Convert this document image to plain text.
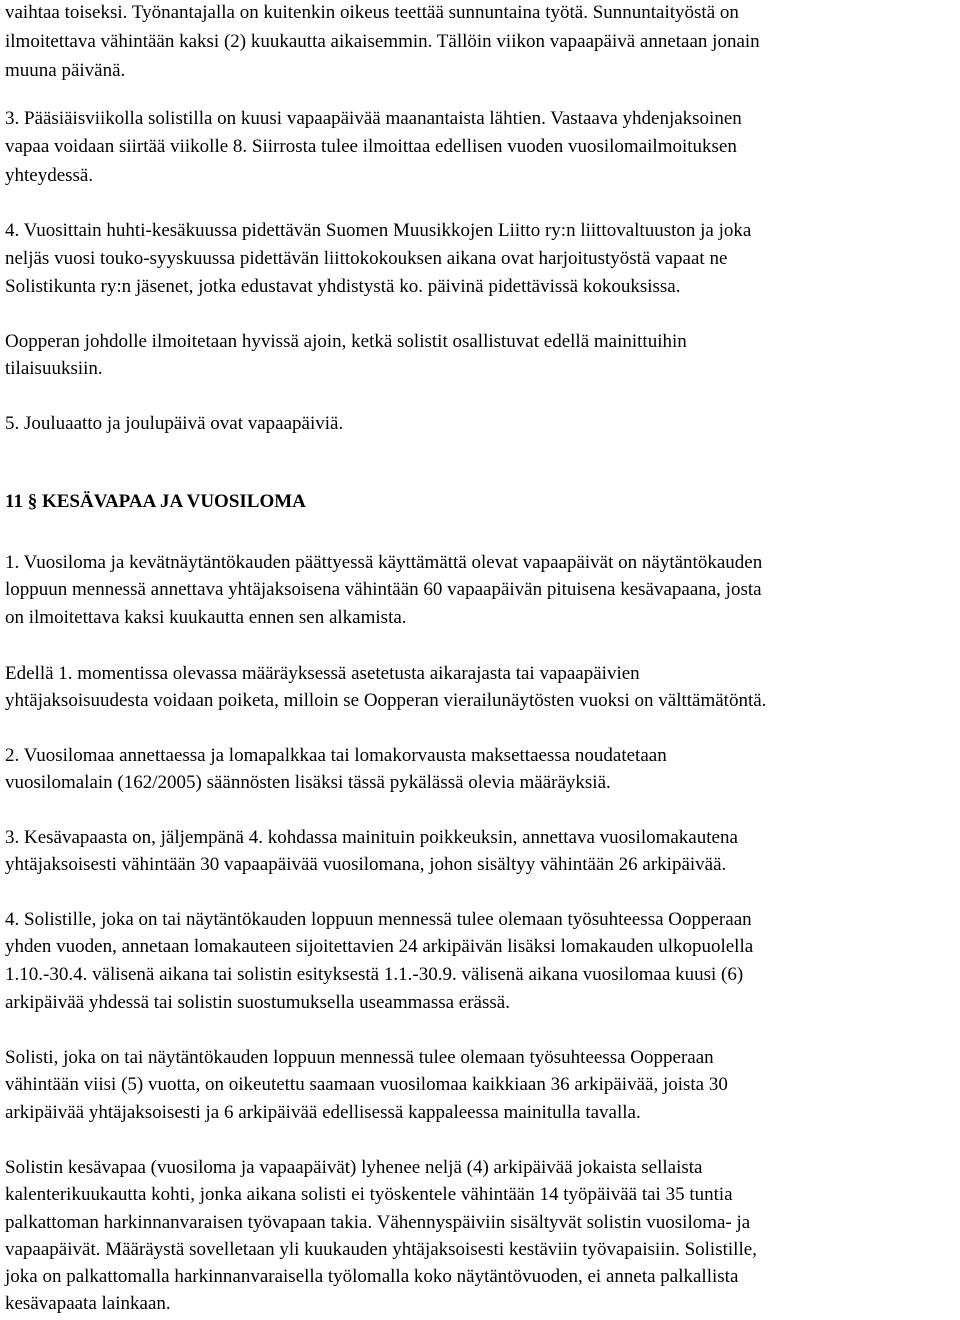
vaihtaa toiseksi. Työnantajalla on kuitenkin oikeus teettää sunnuntaina työtä. Sunnuntaityöstä on

ilmoitettava vähintään kaksi (2) kuukautta aikaisemmin. Tällöin viikon vapaapäivä annetaan jonain

muuna päivänä.

3. Pääsiäisviikolla solistilla on kuusi vapaapäivää maanantaista lähtien. Vastaava yhdenjaksoinen

vapaa voidaan siirtää viikolle 8. Siirrosta tulee ilmoittaa edellisen vuoden vuosilomailmoituksen

yhteydessä.

4. Vuosittain huhti-kesäkuussa pidettävän Suomen Muusikkojen Liitto ry:n liittovaltuuston ja joka

neljäs vuosi touko-syyskuussa pidettävän liittokokouksen aikana ovat harjoitustyöstä vapaat ne

Solistikunta ry:n jäsenet, jotka edustavat yhdistystä ko. päivinä pidettävissä kokouksissa.

Oopperan johdolle ilmoitetaan hyvissä ajoin, ketkä solistit osallistuvat edellä mainittuihin

tilaisuuksiin.

5. Jouluaatto ja joulupäivä ovat vapaapäiviä.

11 § KESÄVAPAA JA VUOSILOMA

1. Vuosiloma ja kevätnäytäntökauden päättyessä käyttämättä olevat vapaapäivät on näytäntökauden

loppuun mennessä annettava yhtäjaksoisena vähintään 60 vapaapäivän pituisena kesävapaana, josta

on ilmoitettava kaksi kuukautta ennen sen alkamista.

Edellä 1. momentissa olevassa määräyksessä asetetusta aikarajasta tai vapaapäivien

yhtäjaksoisuudesta voidaan poiketa, milloin se Oopperan vierailunäytösten vuoksi on välttämätöntä.

2. Vuosilomaa annettaessa ja lomapalkkaa tai lomakorvausta maksettaessa noudatetaan

vuosilomalain (162/2005) säännösten lisäksi tässä pykälässä olevia määräyksiä.

3. Kesävapaasta on, jäljempänä 4. kohdassa mainituin poikkeuksin, annettava vuosilomakautena

yhtäjaksoisesti vähintään 30 vapaapäivää vuosilomana, johon sisältyy vähintään 26 arkipäivää.

4. Solistille, joka on tai näytäntökauden loppuun mennessä tulee olemaan työsuhteessa Oopperaan

yhden vuoden, annetaan lomakauteen sijoitettavien 24 arkipäivän lisäksi lomakauden ulkopuolella

1.10.-30.4. välisenä aikana tai solistin esityksestä 1.1.-30.9. välisenä aikana vuosilomaa kuusi (6)

arkipäivää yhdessä tai solistin suostumuksella useammassa erässä.

Solisti, joka on tai näytäntökauden loppuun mennessä tulee olemaan työsuhteessa Oopperaan

vähintään viisi (5) vuotta, on oikeutettu saamaan vuosilomaa kaikkiaan 36 arkipäivää, joista 30

arkipäivää yhtäjaksoisesti ja 6 arkipäivää edellisessä kappaleessa mainitulla tavalla.

Solistin kesävapaa (vuosiloma ja vapaapäivät) lyhenee neljä (4) arkipäivää jokaista sellaista

kalenterikuukautta kohti, jonka aikana solisti ei työskentele vähintään 14 työpäivää tai 35 tuntia

palkattoman harkinnanvaraisen työvapaan takia. Vähennyspäiviin sisältyvät solistin vuosiloma- ja

vapaapäivät. Määräystä sovelletaan yli kuukauden yhtäjaksoisesti kestäviin työvapaisiin. Solistille,

joka on palkattomalla harkinnanvaraisella työlomalla koko näytäntövuoden, ei anneta palkallista

kesävapaata lainkaan.
